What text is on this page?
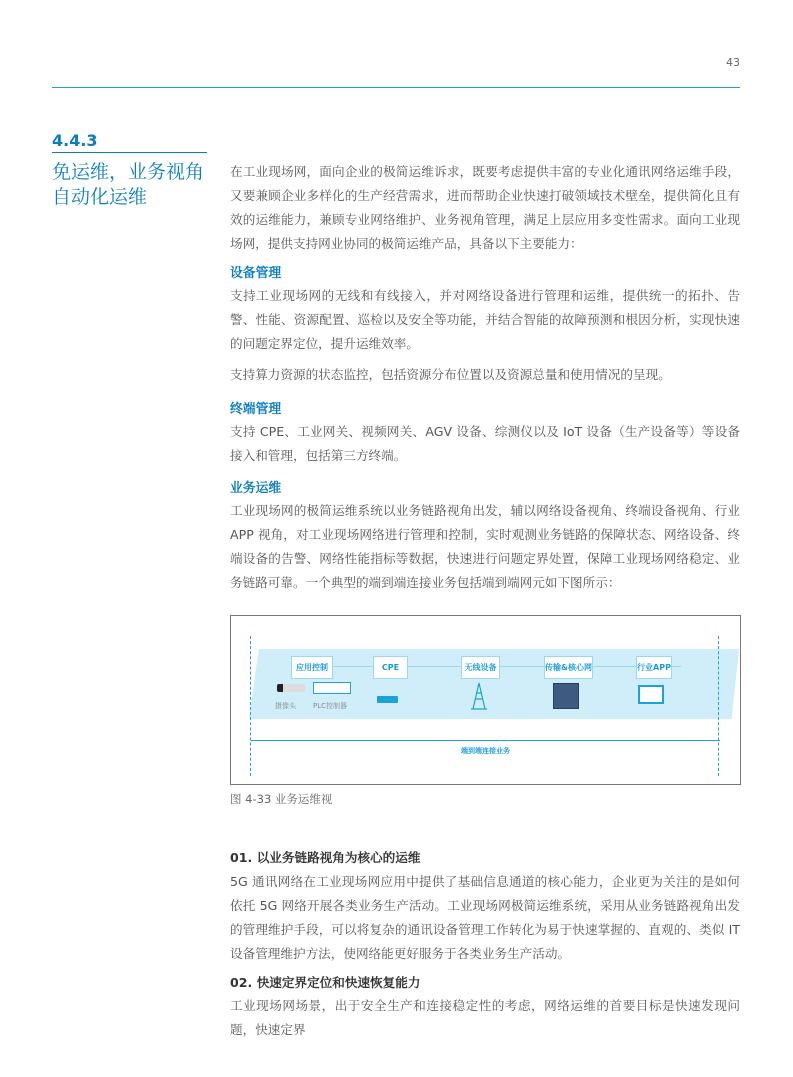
43
4.4.3
免运维，业务视角
自动化运维
在工业现场网，面向企业的极简运维诉求，既要考虑提供丰富的专业化通讯网络运维手段，又要兼顾企业多样化的生产经营需求，进而帮助企业快速打破领域技术壁垒，提供简化且有效的运维能力，兼顾专业网络维护、业务视角管理，满足上层应用多变性需求。面向工业现场网，提供支持网业协同的极简运维产品，具备以下主要能力：
设备管理
支持工业现场网的无线和有线接入，并对网络设备进行管理和运维，提供统一的拓扑、告警、性能、资源配置、巡检以及安全等功能，并结合智能的故障预测和根因分析，实现快速的问题定界定位，提升运维效率。
支持算力资源的状态监控，包括资源分布位置以及资源总量和使用情况的呈现。
终端管理
支持 CPE、工业网关、视频网关、AGV 设备、综测仪以及 IoT 设备（生产设备等）等设备接入和管理，包括第三方终端。
业务运维
工业现场网的极简运维系统以业务链路视角出发，辅以网络设备视角、终端设备视角、行业 APP 视角，对工业现场网络进行管理和控制，实时观测业务链路的保障状态、网络设备、终端设备的告警、网络性能指标等数据，快速进行问题定界处置，保障工业现场网络稳定、业务链路可靠。一个典型的端到端连接业务包括端到端网元如下图所示：
应用控制	CPE	无线设备	传输&核心网	行业APP
摄像头 PLC控制器
端到端连接业务
图 4-33 业务运维视
01. 以业务链路视角为核心的运维
5G 通讯网络在工业现场网应用中提供了基础信息通道的核心能力，企业更为关注的是如何依托 5G 网络开展各类业务生产活动。工业现场网极简运维系统，采用从业务链路视角出发的管理维护手段，可以将复杂的通讯设备管理工作转化为易于快速掌握的、直观的、类似 IT 设备管理维护方法，使网络能更好服务于各类业务生产活动。
02. 快速定界定位和快速恢复能力
工业现场网场景，出于安全生产和连接稳定性的考虑，网络运维的首要目标是快速发现问题，快速定界
